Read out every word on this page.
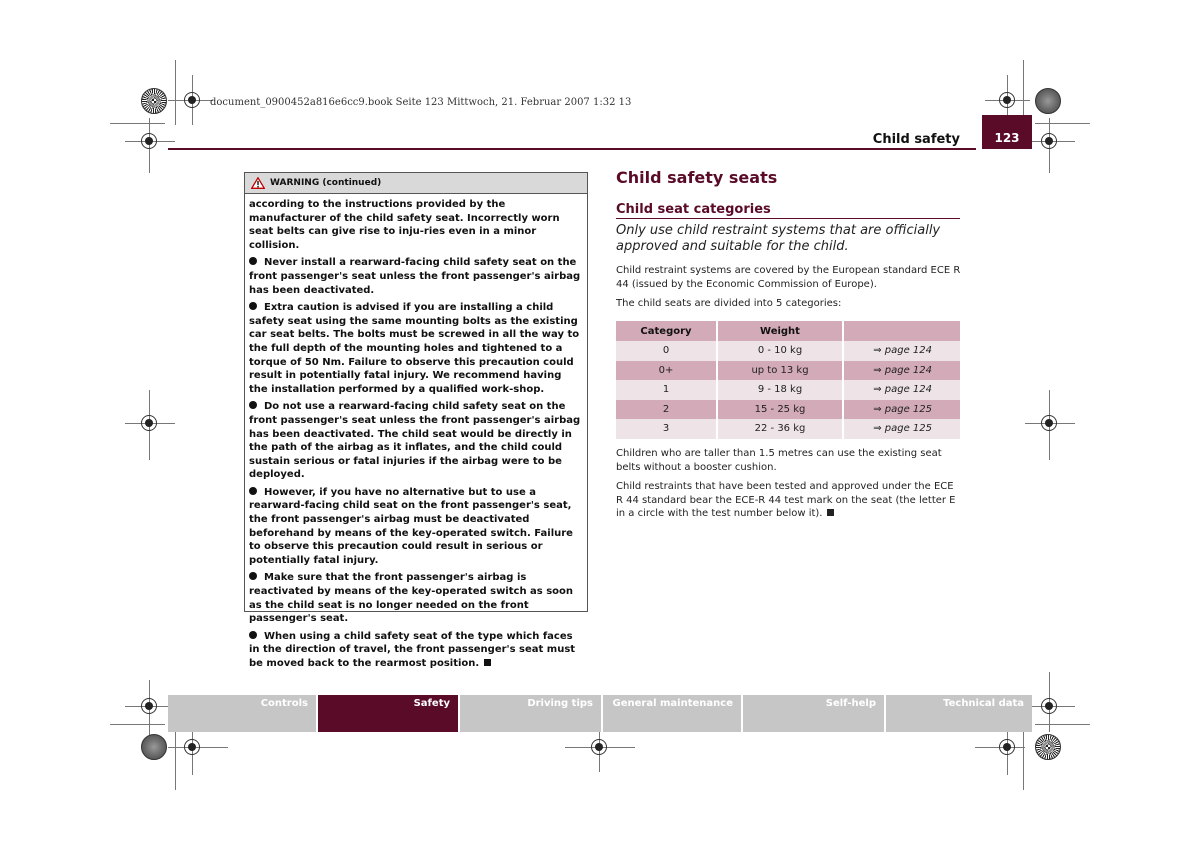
document_0900452a816e6cc9.book Seite 123 Mittwoch, 21. Februar 2007 1:32 13
Child safety	123
WARNING (continued)

according to the instructions provided by the manufacturer of the child safety seat. Incorrectly worn seat belts can give rise to inju-ries even in a minor collision.

Never install a rearward-facing child safety seat on the front passenger's seat unless the front passenger's airbag has been deactivated.

Extra caution is advised if you are installing a child safety seat using the same mounting bolts as the existing car seat belts. The bolts must be screwed in all the way to the full depth of the mounting holes and tightened to a torque of 50 Nm. Failure to observe this precaution could result in potentially fatal injury. We recommend having the installation performed by a qualified work-shop.

Do not use a rearward-facing child safety seat on the front passenger's seat unless the front passenger's airbag has been deactivated. The child seat would be directly in the path of the airbag as it inflates, and the child could sustain serious or fatal injuries if the airbag were to be deployed.

However, if you have no alternative but to use a rearward-facing child seat on the front passenger's seat, the front passenger's airbag must be deactivated beforehand by means of the key-operated switch. Failure to observe this precaution could result in serious or potentially fatal injury.

Make sure that the front passenger's airbag is reactivated by means of the key-operated switch as soon as the child seat is no longer needed on the front passenger's seat.

When using a child safety seat of the type which faces in the direction of travel, the front passenger's seat must be moved back to the rearmost position.

Child safety seats
Child seat categories
Only use child restraint systems that are officially approved and suitable for the child.
Child restraint systems are covered by the European standard ECE R 44 (issued by the Economic Commission of Europe).
The child seats are divided into 5 categories:
Category	Weight	
0	0 - 10 kg	⇒ page 124
0+	up to 13 kg	⇒ page 124
1	9 - 18 kg	⇒ page 124
2	15 - 25 kg	⇒ page 125
3	22 - 36 kg	⇒ page 125
Children who are taller than 1.5 metres can use the existing seat belts without a booster cushion.
Child restraints that have been tested and approved under the ECE R 44 standard bear the ECE-R 44 test mark on the seat (the letter E in a circle with the test number below it).
Controls	Safety	Driving tips	General maintenance	Self-help	Technical data
